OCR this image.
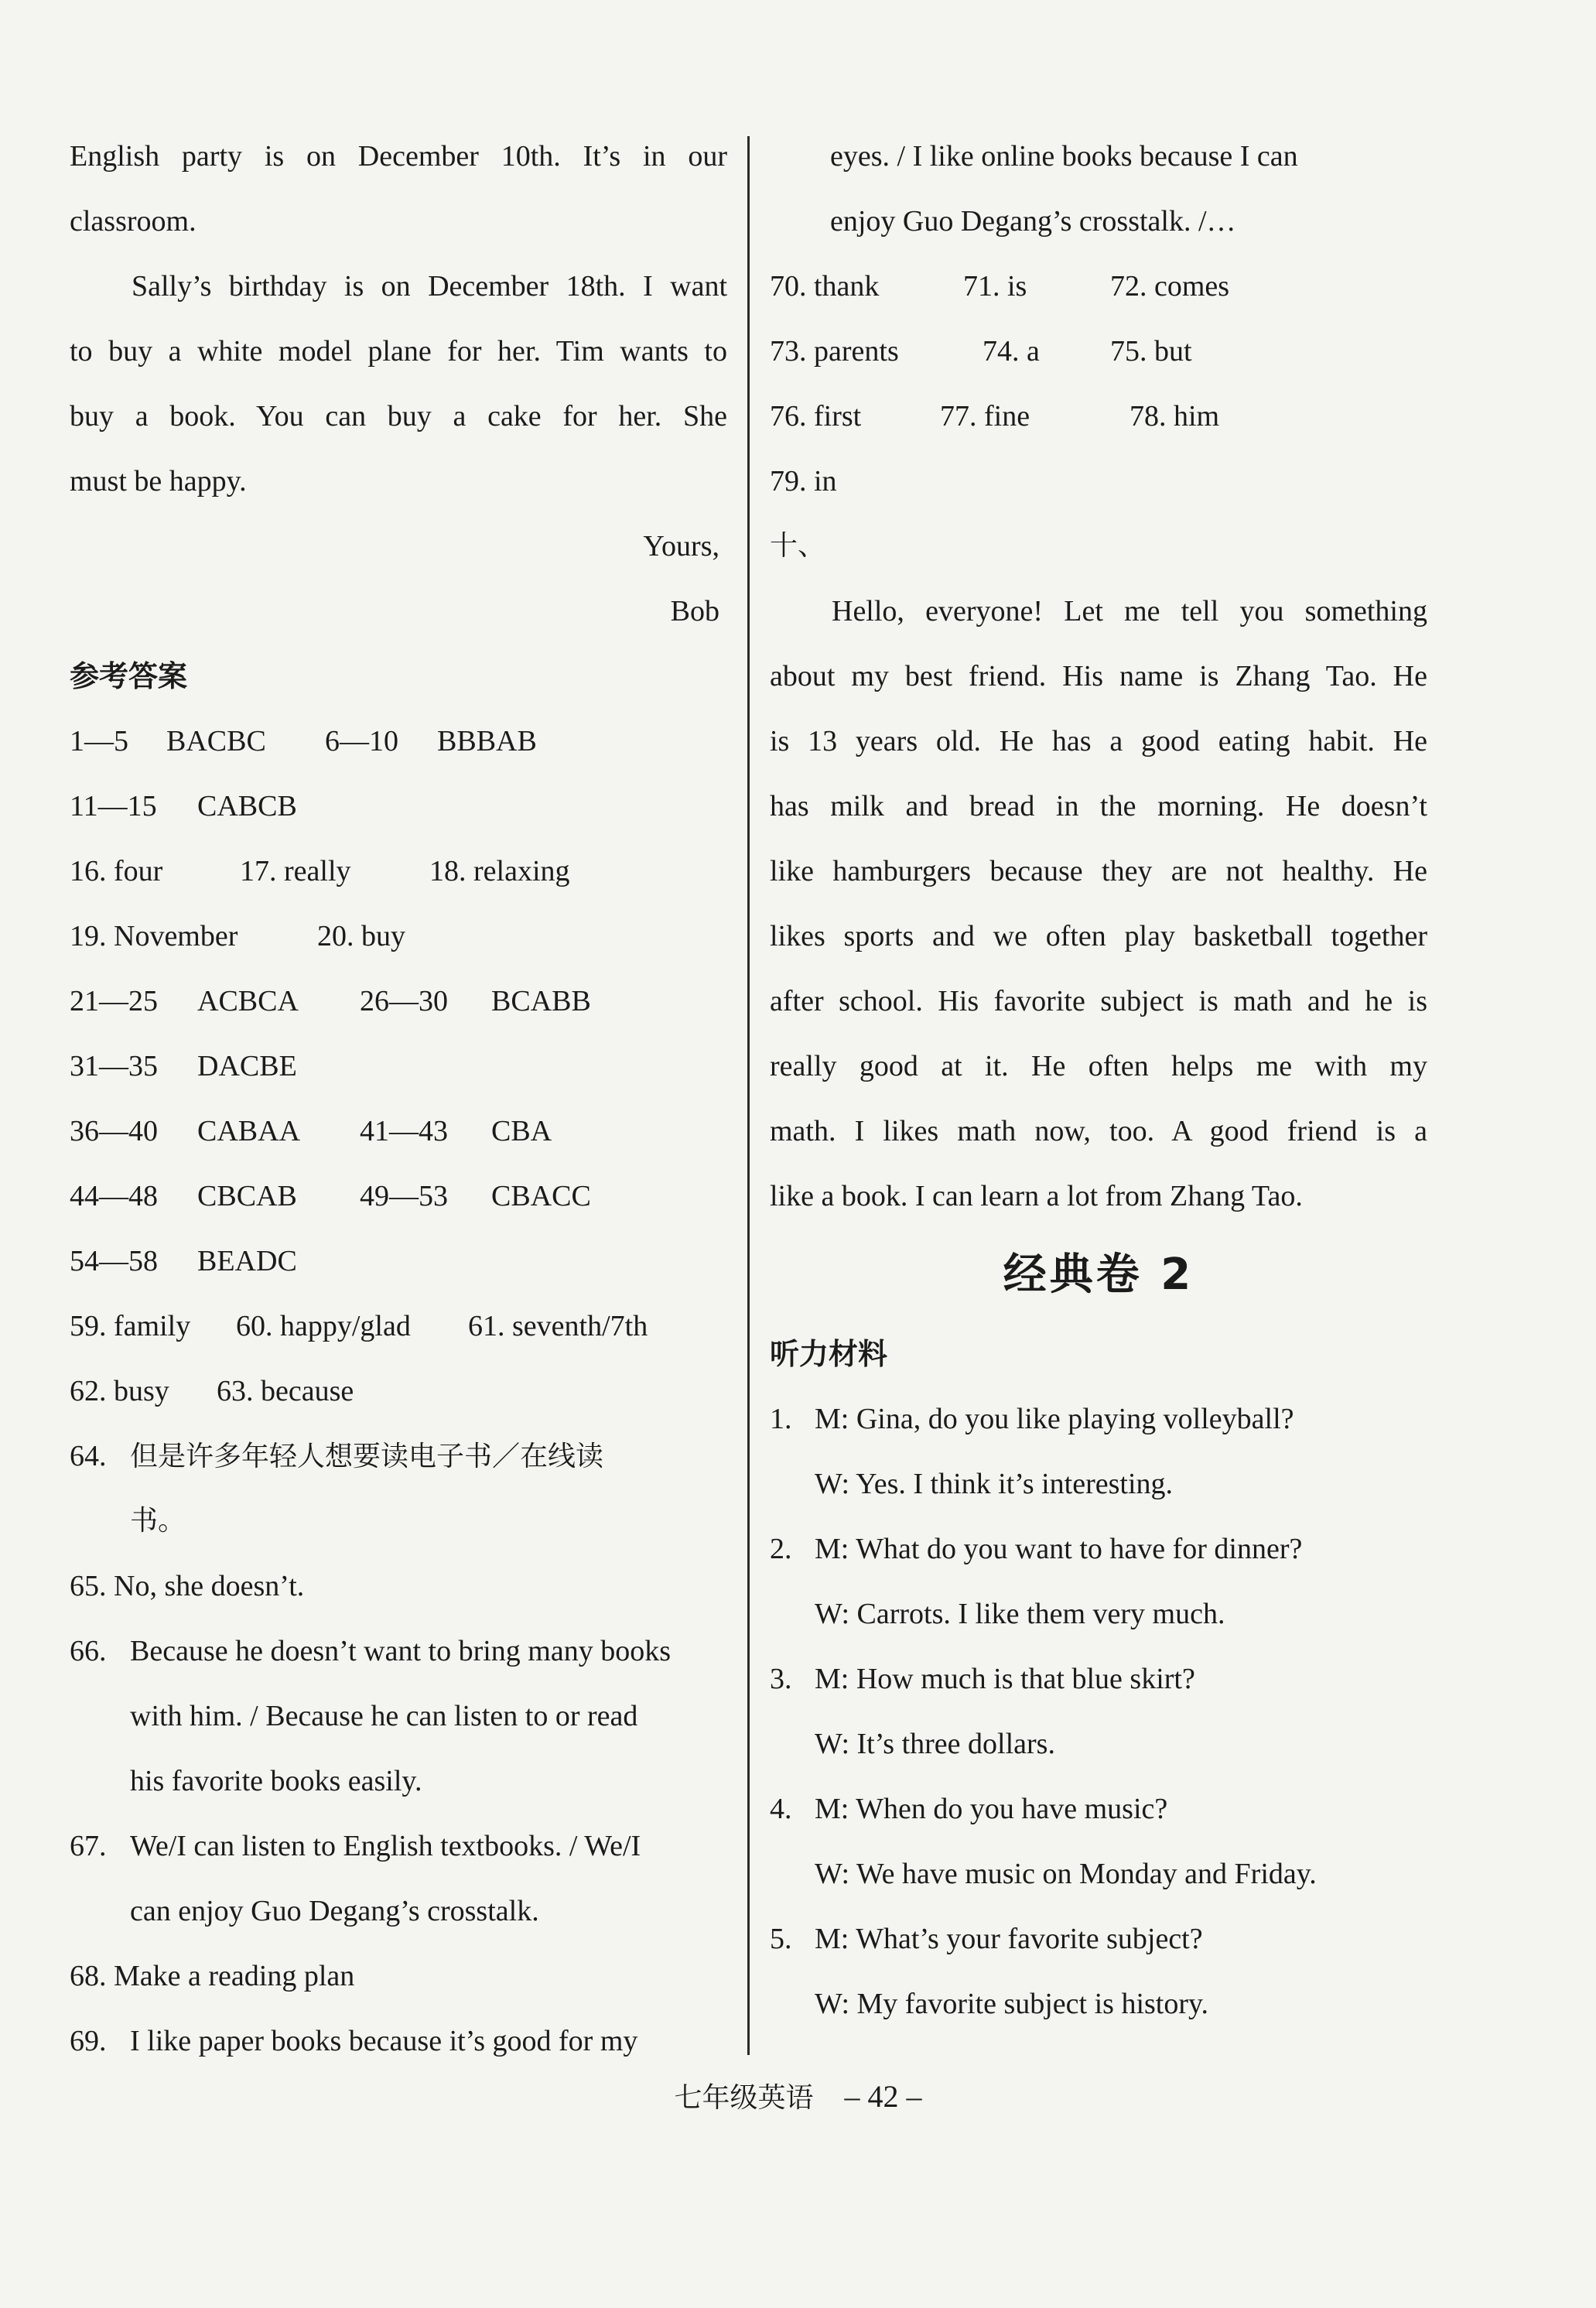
English party is on December 10th. It’s in our
classroom.
Sally’s birthday is on December 18th. I want
to buy a white model plane for her. Tim wants to
buy a book. You can buy a cake for her. She
must be happy.
Yours,
Bob
参考答案
1—5 BACBC 6—10 BBBAB
11—15 CABCB
16. four	17. really	18. relaxing
19. November	20. buy
21—25 ACBCA 26—30 BCABB
31—35 DACBE
36—40 CABAA 41—43 CBA
44—48 CBCAB 49—53 CBACC
54—58 BEADC
59. family 60. happy/glad 61. seventh/7th
62. busy 63. because
64. 但是许多年轻人想要读电子书／在线读
书。
65. No, she doesn’t.
66. Because he doesn’t want to bring many books
with him. / Because he can listen to or read
his favorite books easily.
67. We/I can listen to English textbooks. / We/I
can enjoy Guo Degang’s crosstalk.
68. Make a reading plan
69. I like paper books because it’s good for my
eyes. / I like online books because I can
enjoy Guo Degang’s crosstalk. /…
70. thank	71. is	72. comes
73. parents	74. a 75. but
76. first	77. fine	78. him
79. in
十、
Hello, everyone! Let me tell you something
about my best friend. His name is Zhang Tao. He
is 13 years old. He has a good eating habit. He
has milk and bread in the morning. He doesn’t
like hamburgers because they are not healthy. He
likes sports and we often play basketball together
after school. His favorite subject is math and he is
really good at it. He often helps me with my
math. I likes math now, too. A good friend is a
like a book. I can learn a lot from Zhang Tao.
经典卷 2
听力材料
1. M: Gina, do you like playing volleyball?
W: Yes. I think it’s interesting.
2. M: What do you want to have for dinner?
W: Carrots. I like them very much.
3. M: How much is that blue skirt?
W: It’s three dollars.
4. M: When do you have music?
W: We have music on Monday and Friday.
5. M: What’s your favorite subject?
W: My favorite subject is history.
七年级英语 – 42 –
